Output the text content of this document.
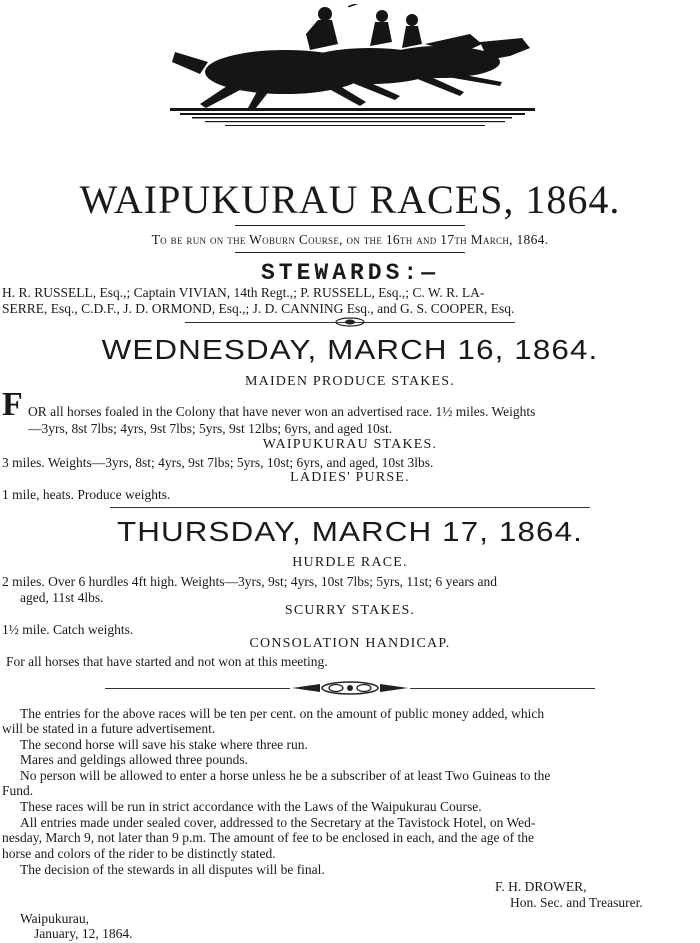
WAIPUKURAU RACES, 1864.
To be run on the Woburn Course, on the 16th and 17th March, 1864.
STEWARDS:—
H. R. RUSSELL, Esq.,; Captain VIVIAN, 14th Regt.,; P. RUSSELL, Esq.,; C. W. R. LA-
SERRE, Esq., C.D.F., J. D. ORMOND, Esq.,; J. D. CANNING Esq., and G. S. COOPER, Esq.
WEDNESDAY, MARCH 16, 1864.
MAIDEN PRODUCE STAKES.
F OR all horses foaled in the Colony that have never won an advertised race. 1½ miles. Weights
—3yrs, 8st 7lbs; 4yrs, 9st 7lbs; 5yrs, 9st 12lbs; 6yrs, and aged 10st.
WAIPUKURAU STAKES.
3 miles. Weights—3yrs, 8st; 4yrs, 9st 7lbs; 5yrs, 10st; 6yrs, and aged, 10st 3lbs.
LADIES' PURSE.
1 mile, heats. Produce weights.
THURSDAY, MARCH 17, 1864.
HURDLE RACE.
2 miles. Over 6 hurdles 4ft high. Weights—3yrs, 9st; 4yrs, 10st 7lbs; 5yrs, 11st; 6 years and
aged, 11st 4lbs.
SCURRY STAKES.
1½ mile. Catch weights.
CONSOLATION HANDICAP.
For all horses that have started and not won at this meeting.
The entries for the above races will be ten per cent. on the amount of public money added, which
will be stated in a future advertisement.
The second horse will save his stake where three run.
Mares and geldings allowed three pounds.
No person will be allowed to enter a horse unless he be a subscriber of at least Two Guineas to the
Fund.
These races will be run in strict accordance with the Laws of the Waipukurau Course.
All entries made under sealed cover, addressed to the Secretary at the Tavistock Hotel, on Wed-
nesday, March 9, not later than 9 p.m. The amount of fee to be enclosed in each, and the age of the
horse and colors of the rider to be distinctly stated.
The decision of the stewards in all disputes will be final.
F. H. DROWER,
Hon. Sec. and Treasurer.
Waipukurau,
January, 12, 1864.
